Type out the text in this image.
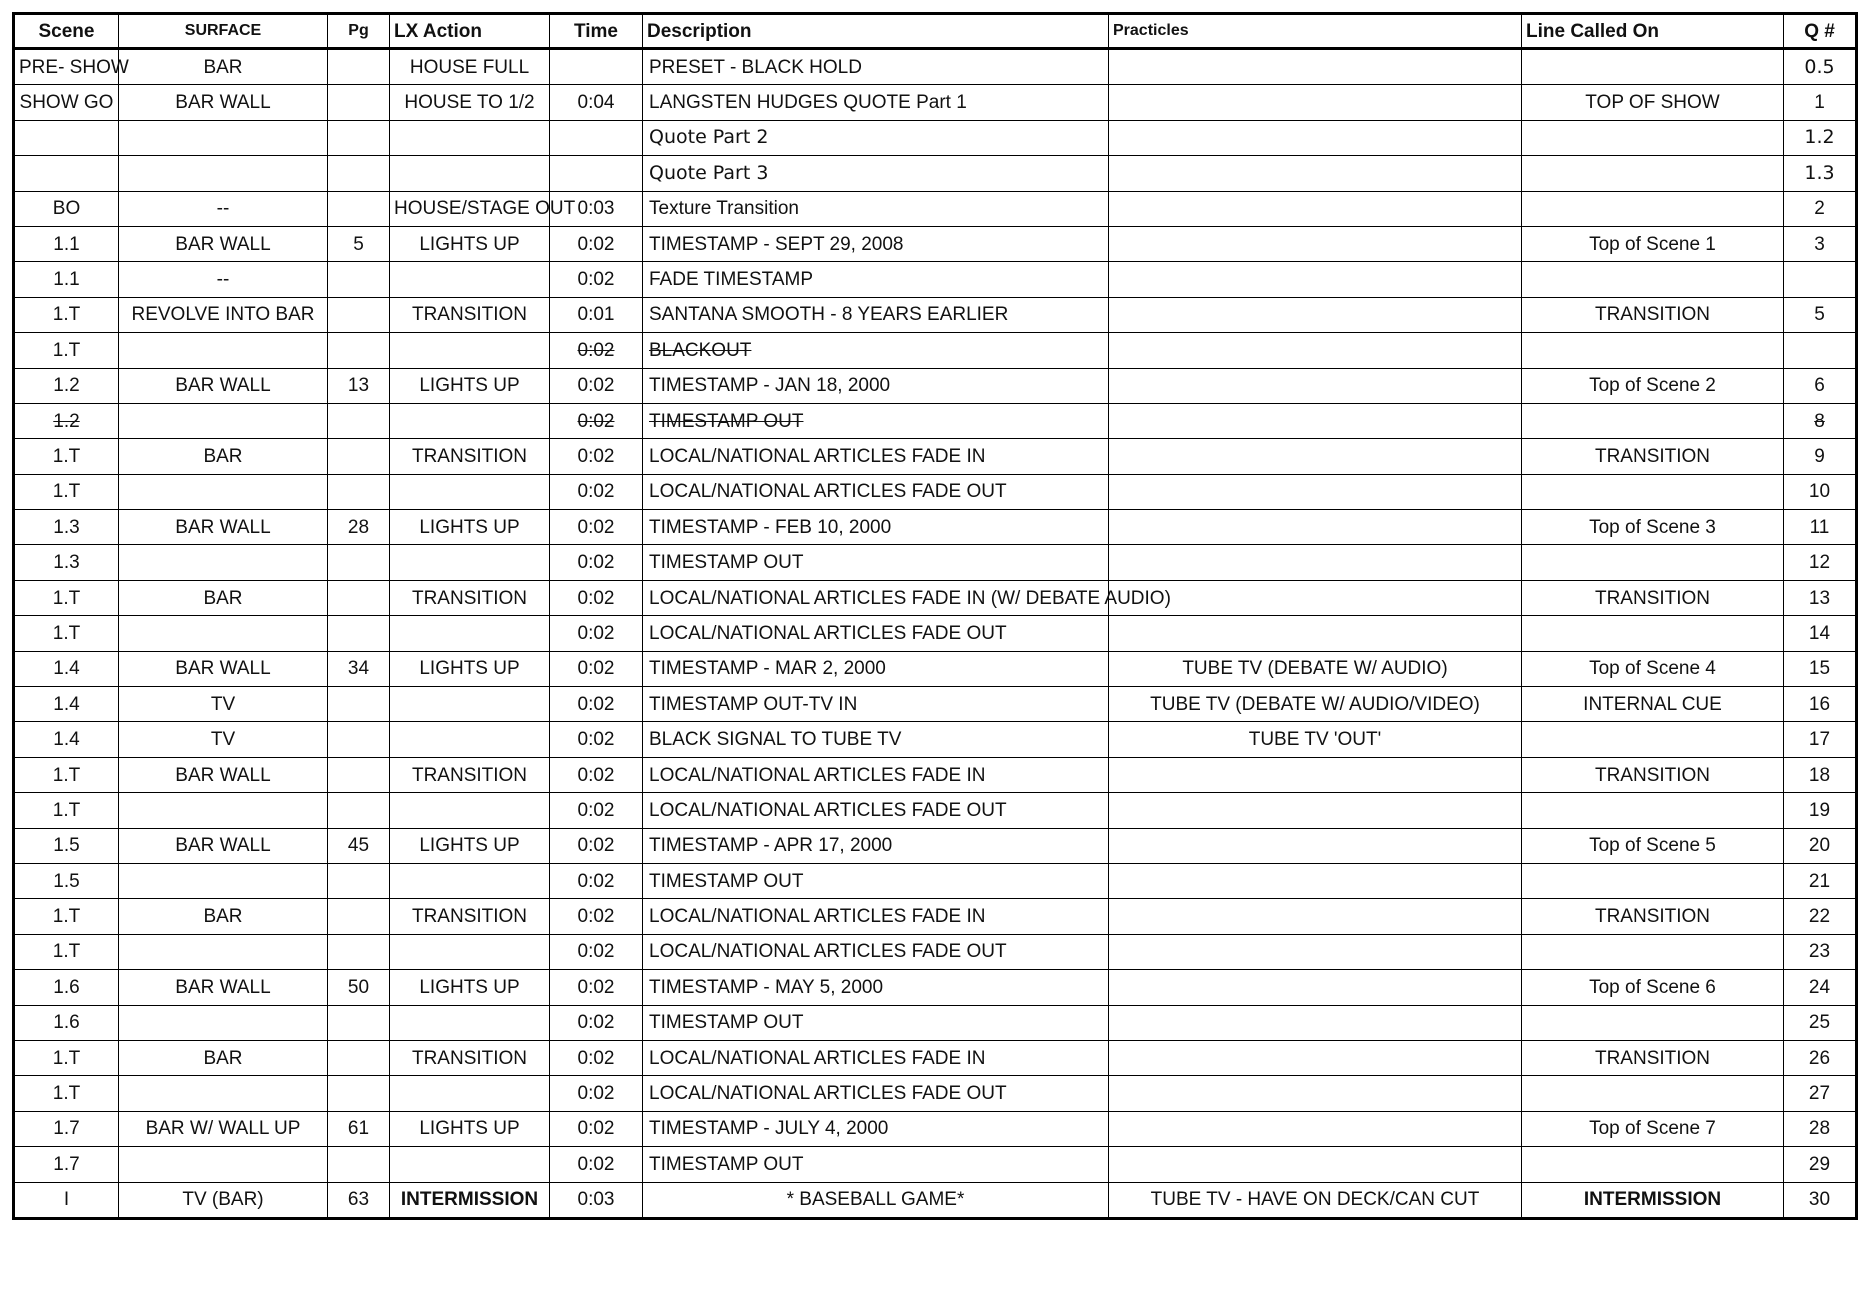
Scene	SURFACE	Pg	LX Action	Time	Description	Practicles	Line Called On	Q #
PRE- SHOW	BAR		HOUSE FULL		PRESET - BLACK HOLD			0.5
SHOW GO	BAR WALL		HOUSE TO 1/2	0:04	LANGSTEN HUDGES QUOTE Part 1		TOP OF SHOW	1
					Quote Part 2			1.2
					Quote Part 3			1.3
BO	--		HOUSE/STAGE OUT	0:03	Texture Transition			2
1.1	BAR WALL	5	LIGHTS UP	0:02	TIMESTAMP - SEPT 29, 2008		Top of Scene 1	3
1.1	--			0:02	FADE TIMESTAMP			
1.T	REVOLVE INTO BAR		TRANSITION	0:01	SANTANA SMOOTH - 8 YEARS EARLIER		TRANSITION	5
1.T				0:02	BLACKOUT			
1.2	BAR WALL	13	LIGHTS UP	0:02	TIMESTAMP - JAN 18, 2000		Top of Scene 2	6
1.2				0:02	TIMESTAMP OUT			8
1.T	BAR		TRANSITION	0:02	LOCAL/NATIONAL ARTICLES FADE IN		TRANSITION	9
1.T				0:02	LOCAL/NATIONAL ARTICLES FADE OUT			10
1.3	BAR WALL	28	LIGHTS UP	0:02	TIMESTAMP - FEB 10, 2000		Top of Scene 3	11
1.3				0:02	TIMESTAMP OUT			12
1.T	BAR		TRANSITION	0:02	LOCAL/NATIONAL ARTICLES FADE IN (W/ DEBATE AUDIO)		TRANSITION	13
1.T				0:02	LOCAL/NATIONAL ARTICLES FADE OUT			14
1.4	BAR WALL	34	LIGHTS UP	0:02	TIMESTAMP - MAR 2, 2000	TUBE TV (DEBATE W/ AUDIO)	Top of Scene 4	15
1.4	TV			0:02	TIMESTAMP OUT-TV IN	TUBE TV (DEBATE W/ AUDIO/VIDEO)	INTERNAL CUE	16
1.4	TV			0:02	BLACK SIGNAL TO TUBE TV	TUBE TV 'OUT'		17
1.T	BAR WALL		TRANSITION	0:02	LOCAL/NATIONAL ARTICLES FADE IN		TRANSITION	18
1.T				0:02	LOCAL/NATIONAL ARTICLES FADE OUT			19
1.5	BAR WALL	45	LIGHTS UP	0:02	TIMESTAMP - APR 17, 2000		Top of Scene 5	20
1.5				0:02	TIMESTAMP OUT			21
1.T	BAR		TRANSITION	0:02	LOCAL/NATIONAL ARTICLES FADE IN		TRANSITION	22
1.T				0:02	LOCAL/NATIONAL ARTICLES FADE OUT			23
1.6	BAR WALL	50	LIGHTS UP	0:02	TIMESTAMP - MAY 5, 2000		Top of Scene 6	24
1.6				0:02	TIMESTAMP OUT			25
1.T	BAR		TRANSITION	0:02	LOCAL/NATIONAL ARTICLES FADE IN		TRANSITION	26
1.T				0:02	LOCAL/NATIONAL ARTICLES FADE OUT			27
1.7	BAR W/ WALL UP	61	LIGHTS UP	0:02	TIMESTAMP - JULY 4, 2000		Top of Scene 7	28
1.7				0:02	TIMESTAMP OUT			29
I	TV (BAR)	63	INTERMISSION	0:03	* BASEBALL GAME*	TUBE TV - HAVE ON DECK/CAN CUT	INTERMISSION	30
